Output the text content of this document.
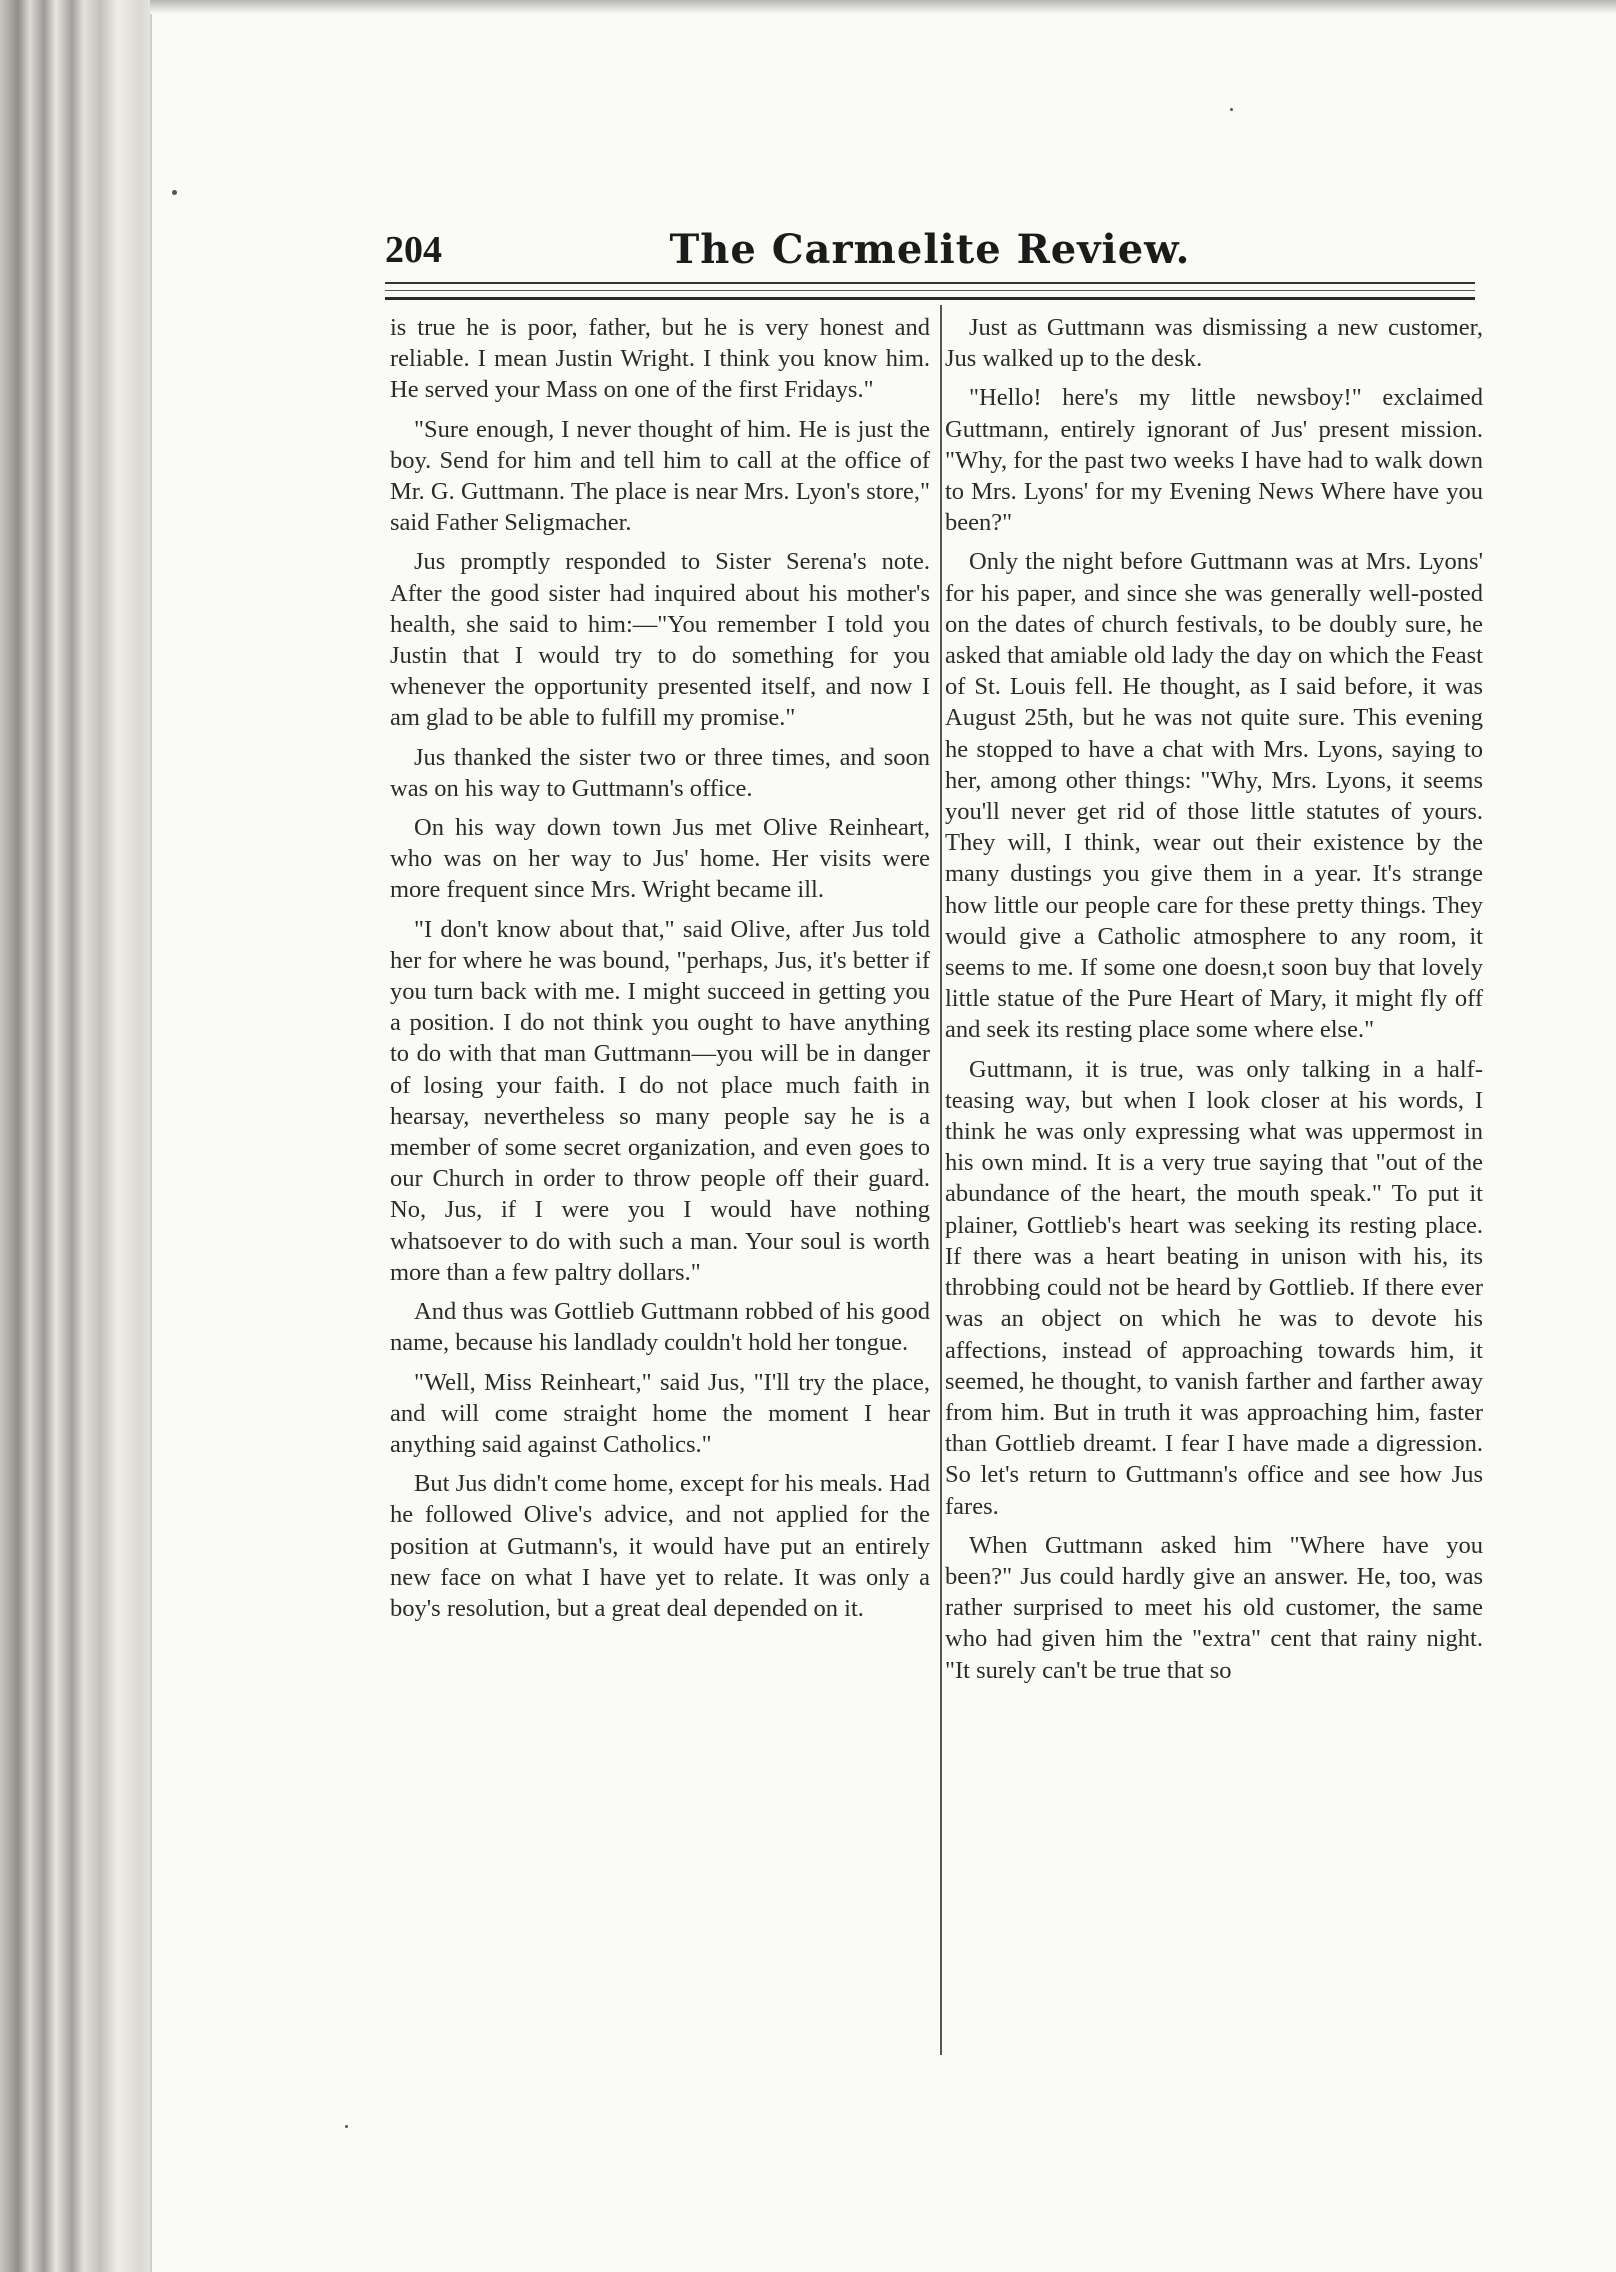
204	The Carmelite Review.

is true he is poor, father, but he is very honest and reliable. I mean Justin Wright. I think you know him. He served your Mass on one of the first Fridays."

"Sure enough, I never thought of him. He is just the boy. Send for him and tell him to call at the office of Mr. G. Guttmann. The place is near Mrs. Lyon's store," said Father Seligmacher.

Jus promptly responded to Sister Serena's note. After the good sister had inquired about his mother's health, she said to him:—"You remember I told you Justin that I would try to do something for you whenever the opportunity presented itself, and now I am glad to be able to fulfill my promise."

Jus thanked the sister two or three times, and soon was on his way to Guttmann's office.

On his way down town Jus met Olive Reinheart, who was on her way to Jus' home. Her visits were more frequent since Mrs. Wright became ill.

"I don't know about that," said Olive, after Jus told her for where he was bound, "perhaps, Jus, it's better if you turn back with me. I might succeed in getting you a position. I do not think you ought to have anything to do with that man Guttmann—you will be in danger of losing your faith. I do not place much faith in hearsay, nevertheless so many people say he is a member of some secret organization, and even goes to our Church in order to throw people off their guard. No, Jus, if I were you I would have nothing whatsoever to do with such a man. Your soul is worth more than a few paltry dollars."

And thus was Gottlieb Guttmann robbed of his good name, because his landlady couldn't hold her tongue.

"Well, Miss Reinheart," said Jus, "I'll try the place, and will come straight home the moment I hear anything said against Catholics."

But Jus didn't come home, except for his meals. Had he followed Olive's advice, and not applied for the position at Gutmann's, it would have put an entirely new face on what I have yet to relate. It was only a boy's resolution, but a great deal depended on it.

Just as Guttmann was dismissing a new customer, Jus walked up to the desk.

"Hello! here's my little newsboy!" exclaimed Guttmann, entirely ignorant of Jus' present mission. "Why, for the past two weeks I have had to walk down to Mrs. Lyons' for my Evening News Where have you been?"

Only the night before Guttmann was at Mrs. Lyons' for his paper, and since she was generally well-posted on the dates of church festivals, to be doubly sure, he asked that amiable old lady the day on which the Feast of St. Louis fell. He thought, as I said before, it was August 25th, but he was not quite sure. This evening he stopped to have a chat with Mrs. Lyons, saying to her, among other things: "Why, Mrs. Lyons, it seems you'll never get rid of those little statutes of yours. They will, I think, wear out their existence by the many dustings you give them in a year. It's strange how little our people care for these pretty things. They would give a Catholic atmosphere to any room, it seems to me. If some one doesn,t soon buy that lovely little statue of the Pure Heart of Mary, it might fly off and seek its resting place some where else."

Guttmann, it is true, was only talking in a half-teasing way, but when I look closer at his words, I think he was only expressing what was uppermost in his own mind. It is a very true saying that "out of the abundance of the heart, the mouth speak." To put it plainer, Gottlieb's heart was seeking its resting place. If there was a heart beating in unison with his, its throbbing could not be heard by Gottlieb. If there ever was an object on which he was to devote his affections, instead of approaching towards him, it seemed, he thought, to vanish farther and farther away from him. But in truth it was approaching him, faster than Gottlieb dreamt. I fear I have made a digression. So let's return to Guttmann's office and see how Jus fares.

When Guttmann asked him "Where have you been?" Jus could hardly give an answer. He, too, was rather surprised to meet his old customer, the same who had given him the "extra" cent that rainy night. "It surely can't be true that so
